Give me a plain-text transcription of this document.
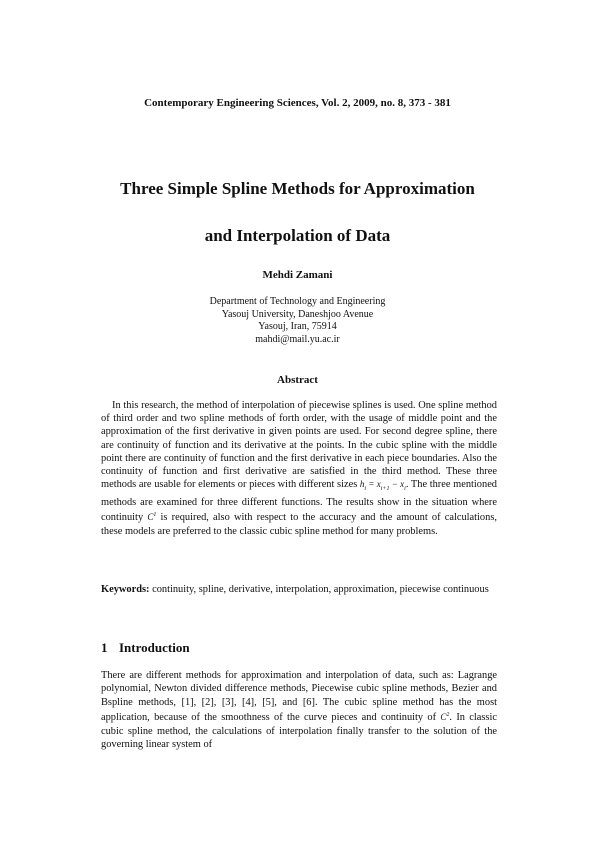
Contemporary Engineering Sciences, Vol. 2, 2009, no. 8, 373 - 381
Three Simple Spline Methods for Approximation
and Interpolation of Data
Mehdi Zamani
Department of Technology and Engineering
Yasouj University, Daneshjoo Avenue
Yasouj, Iran, 75914
mahdi@mail.yu.ac.ir
Abstract

In this research, the method of interpolation of piecewise splines is used. One spline method of third order and two spline methods of forth order, with the usage of middle point and the approximation of the first derivative in given points are used. For second degree spline, there are continuity of function and its derivative at the points. In the cubic spline with the middle point there are continuity of function and the first derivative in each piece boundaries. Also the continuity of function and first derivative are satisfied in the third method. These three methods are usable for elements or pieces with different sizes $h_i = x_{i+1} - x_i$. The three mentioned methods are examined for three different functions. The results show in the situation where continuity $C^1$ is required, also with respect to the accuracy and the amount of calculations, these models are preferred to the classic cubic spline method for many problems.

Keywords: continuity, spline, derivative, interpolation, approximation, piecewise continuous

1 Introduction

There are different methods for approximation and interpolation of data, such as: Lagrange polynomial, Newton divided difference methods, Piecewise cubic spline methods, Bezier and Bspline methods, [1], [2], [3], [4], [5], and [6]. The cubic spline method has the most application, because of the smoothness of the curve pieces and continuity of $C^2$. In classic cubic spline method, the calculations of interpolation finally transfer to the solution of the governing linear system of
